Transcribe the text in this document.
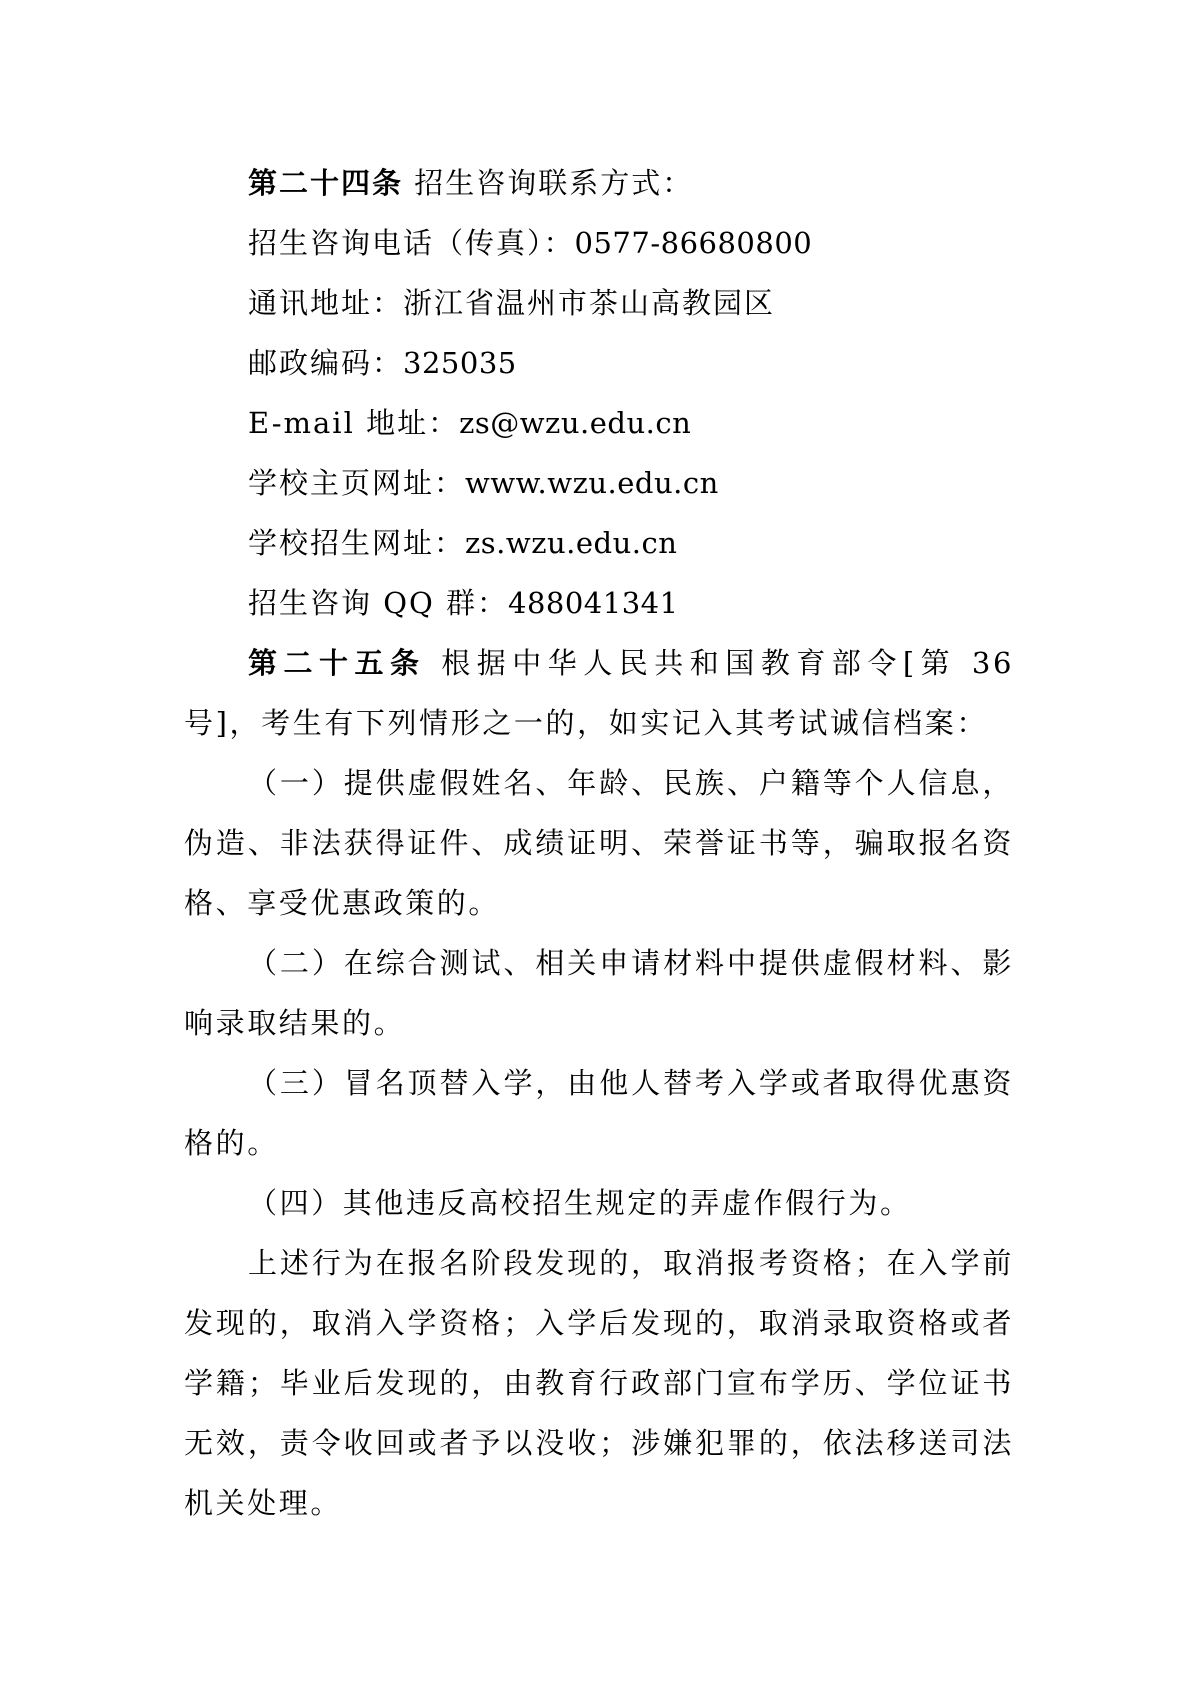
第二十四条 招生咨询联系方式：
招生咨询电话（传真）：0577-86680800
通讯地址：浙江省温州市茶山高教园区
邮政编码：325035
E-mail 地址：zs@wzu.edu.cn
学校主页网址：www.wzu.edu.cn
学校招生网址：zs.wzu.edu.cn
招生咨询 QQ 群：488041341

第二十五条 根据中华人民共和国教育部令[第 36 号]，考生有下列情形之一的，如实记入其考试诚信档案：

（一）提供虚假姓名、年龄、民族、户籍等个人信息，伪造、非法获得证件、成绩证明、荣誉证书等，骗取报名资格、享受优惠政策的。

（二）在综合测试、相关申请材料中提供虚假材料、影响录取结果的。

（三）冒名顶替入学，由他人替考入学或者取得优惠资格的。

（四）其他违反高校招生规定的弄虚作假行为。

上述行为在报名阶段发现的，取消报考资格；在入学前发现的，取消入学资格；入学后发现的，取消录取资格或者学籍；毕业后发现的，由教育行政部门宣布学历、学位证书无效，责令收回或者予以没收；涉嫌犯罪的，依法移送司法机关处理。
